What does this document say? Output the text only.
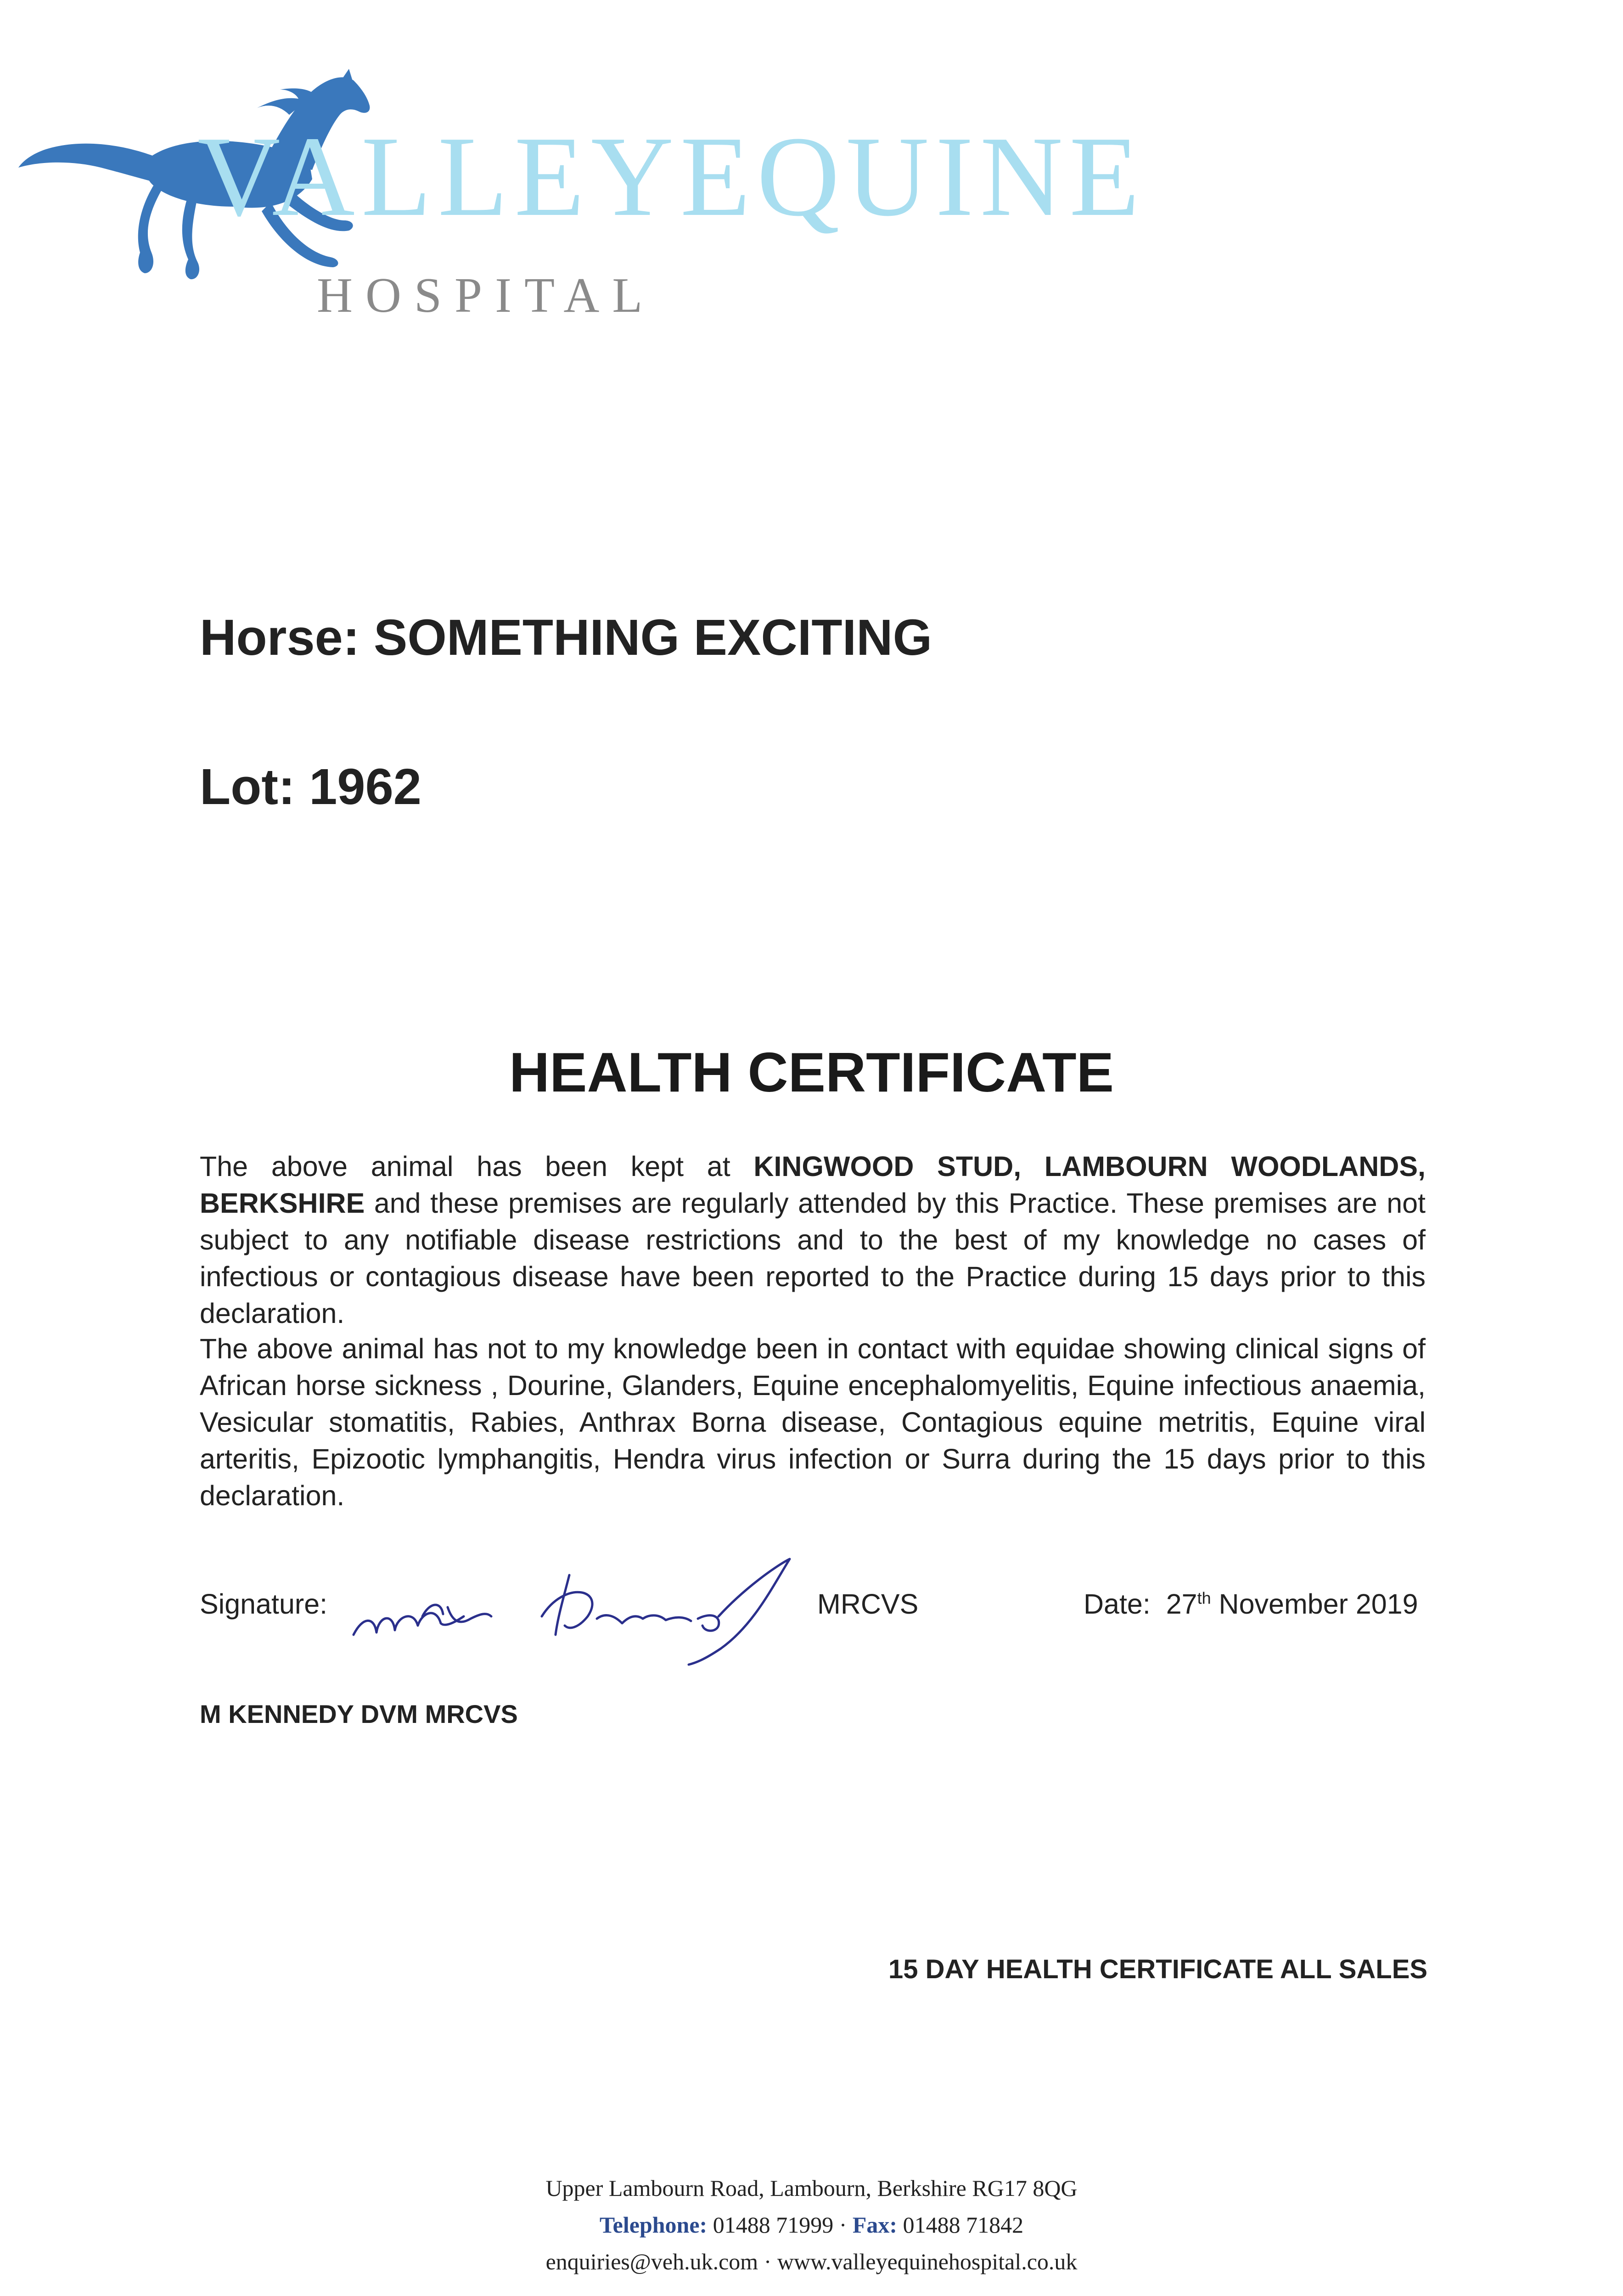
VALLEYEQUINE
HOSPITAL
Horse: SOMETHING EXCITING
Lot: 1962
HEALTH CERTIFICATE
The above animal has been kept at KINGWOOD STUD, LAMBOURN WOODLANDS, BERKSHIRE and these premises are regularly attended by this Practice. These premises are not subject to any notifiable disease restrictions and to the best of my knowledge no cases of infectious or contagious disease have been reported to the Practice during 15 days prior to this declaration.
The above animal has not to my knowledge been in contact with equidae showing clinical signs of African horse sickness , Dourine, Glanders, Equine encephalomyelitis, Equine infectious anaemia, Vesicular stomatitis, Rabies, Anthrax Borna disease, Contagious equine metritis, Equine viral arteritis, Epizootic lymphangitis, Hendra virus infection or Surra during the 15 days prior to this declaration.
Signature:	MRCVS	Date: 27th November 2019
M KENNEDY DVM MRCVS
15 DAY HEALTH CERTIFICATE ALL SALES
Upper Lambourn Road, Lambourn, Berkshire RG17 8QG
Telephone: 01488 71999 · Fax: 01488 71842
enquiries@veh.uk.com · www.valleyequinehospital.co.uk
